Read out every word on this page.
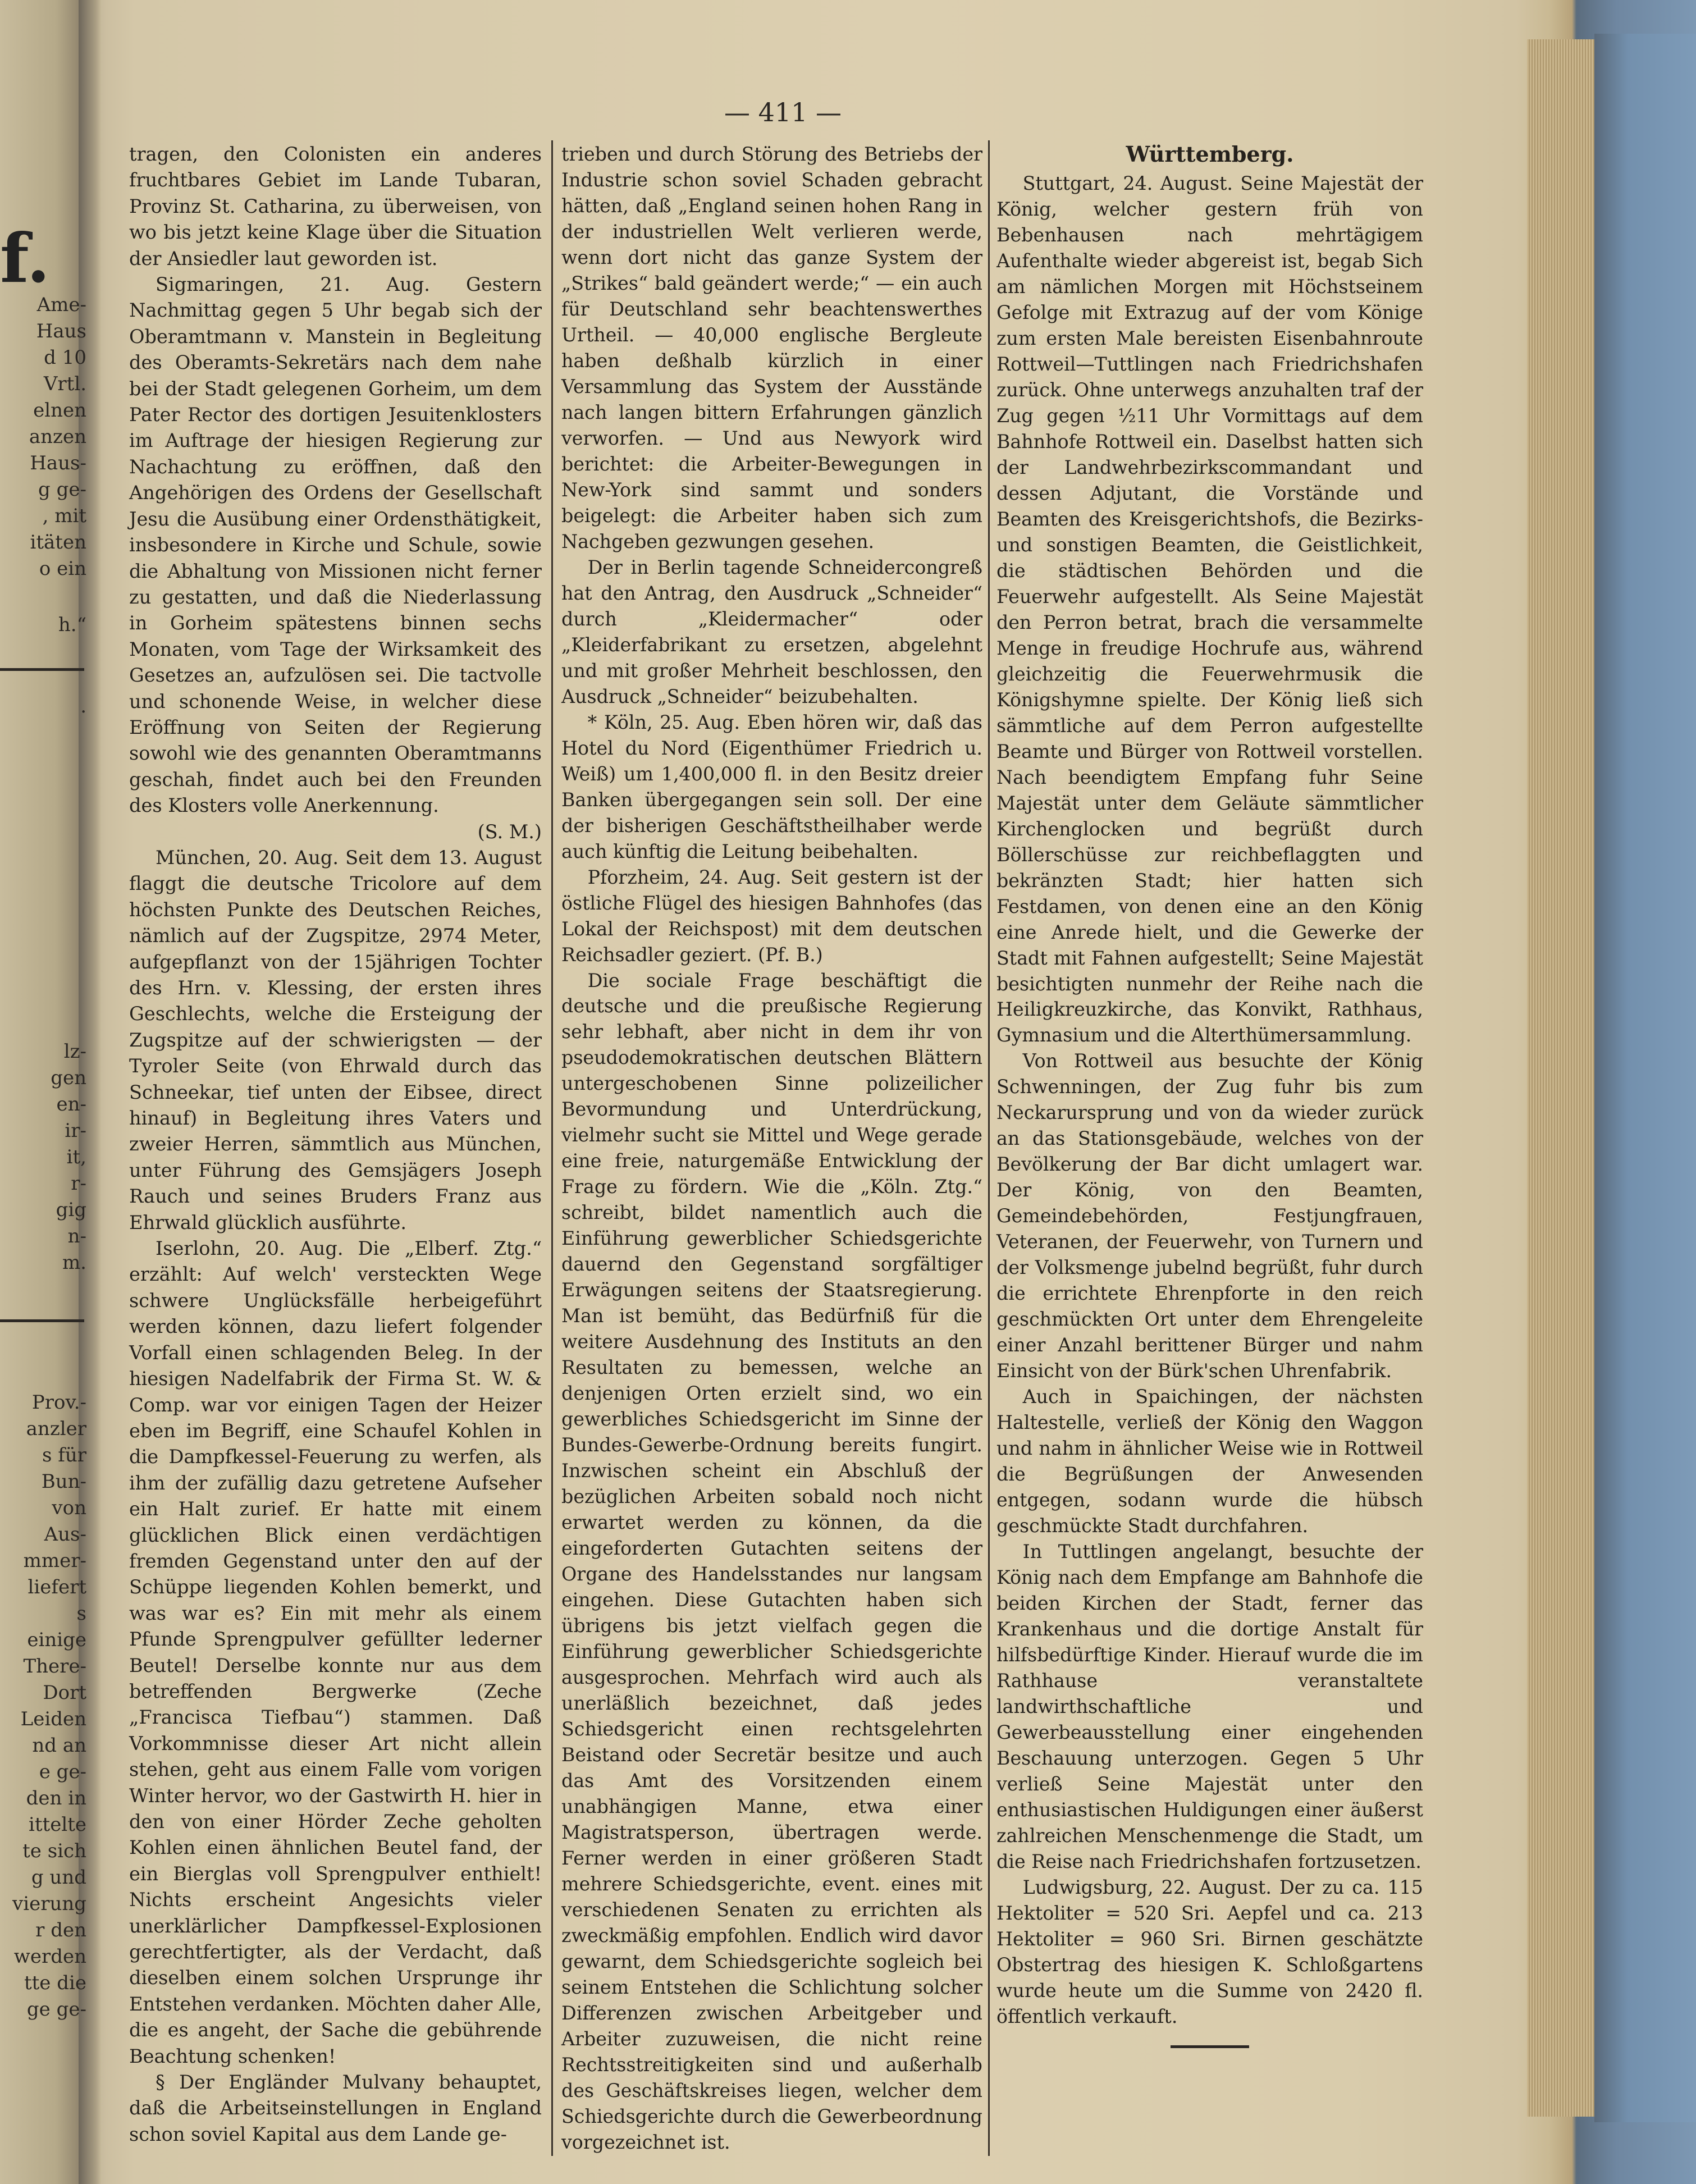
f.
Ame-
Haus
d 10
Vrtl.
elnen
anzen
Haus-
g ge-
, mit
itäten
o ein
h.“
.
lz-
gen
en-
ir-
it,
r-
gig
n-
m.
Prov.-
anzler
s für
Bun-
von
Aus-
mmer-
liefert
s
einige
There-
Dort
Leiden
nd an
e ge-
den in
ittelte
te sich
g und
vierung
r den
werden
tte die
ge ge-
— 411 —

tragen, den Colonisten ein anderes fruchtbares Gebiet im Lande Tubaran, Provinz St. Catharina, zu überweisen, von wo bis jetzt keine Klage über die Situation der Ansiedler laut geworden ist.

Sigmaringen, 21. Aug. Gestern Nachmittag gegen 5 Uhr begab sich der Oberamtmann v. Manstein in Begleitung des Oberamts-Sekretärs nach dem nahe bei der Stadt gelegenen Gorheim, um dem Pater Rector des dortigen Jesuitenklosters im Auftrage der hiesigen Regierung zur Nachachtung zu eröffnen, daß den Angehörigen des Ordens der Gesellschaft Jesu die Ausübung einer Ordensthätigkeit, insbesondere in Kirche und Schule, sowie die Abhaltung von Missionen nicht ferner zu gestatten, und daß die Niederlassung in Gorheim spätestens binnen sechs Monaten, vom Tage der Wirksamkeit des Gesetzes an, aufzulösen sei. Die tactvolle und schonende Weise, in welcher diese Eröffnung von Seiten der Regierung sowohl wie des genannten Oberamtmanns geschah, findet auch bei den Freunden des Klosters volle Anerkennung.

(S. M.)

München, 20. Aug. Seit dem 13. August flaggt die deutsche Tricolore auf dem höchsten Punkte des Deutschen Reiches, nämlich auf der Zugspitze, 2974 Meter, aufgepflanzt von der 15jährigen Tochter des Hrn. v. Klessing, der ersten ihres Geschlechts, welche die Ersteigung der Zugspitze auf der schwierigsten — der Tyroler Seite (von Ehrwald durch das Schneekar, tief unten der Eibsee, direct hinauf) in Begleitung ihres Vaters und zweier Herren, sämmtlich aus München, unter Führung des Gemsjägers Joseph Rauch und seines Bruders Franz aus Ehrwald glücklich ausführte.

Iserlohn, 20. Aug. Die „Elberf. Ztg.“ erzählt: Auf welch' versteckten Wege schwere Unglücksfälle herbeigeführt werden können, dazu liefert folgender Vorfall einen schlagenden Beleg. In der hiesigen Nadelfabrik der Firma St. W. & Comp. war vor einigen Tagen der Heizer eben im Begriff, eine Schaufel Kohlen in die Dampfkessel-Feuerung zu werfen, als ihm der zufällig dazu getretene Aufseher ein Halt zurief. Er hatte mit einem glücklichen Blick einen verdächtigen fremden Gegenstand unter den auf der Schüppe liegenden Kohlen bemerkt, und was war es? Ein mit mehr als einem Pfunde Sprengpulver gefüllter lederner Beutel! Derselbe konnte nur aus dem betreffenden Bergwerke (Zeche „Francisca Tiefbau“) stammen. Daß Vorkommnisse dieser Art nicht allein stehen, geht aus einem Falle vom vorigen Winter hervor, wo der Gastwirth H. hier in den von einer Hörder Zeche geholten Kohlen einen ähnlichen Beutel fand, der ein Bierglas voll Sprengpulver enthielt! Nichts erscheint Angesichts vieler unerklärlicher Dampfkessel-Explosionen gerechtfertigter, als der Verdacht, daß dieselben einem solchen Ursprunge ihr Entstehen verdanken. Möchten daher Alle, die es angeht, der Sache die gebührende Beachtung schenken!

§ Der Engländer Mulvany behauptet, daß die Arbeitseinstellungen in England schon soviel Kapital aus dem Lande ge-

trieben und durch Störung des Betriebs der Industrie schon soviel Schaden gebracht hätten, daß „England seinen hohen Rang in der industriellen Welt verlieren werde, wenn dort nicht das ganze System der „Strikes“ bald geändert werde;“ — ein auch für Deutschland sehr beachtenswerthes Urtheil. — 40,000 englische Bergleute haben deßhalb kürzlich in einer Versammlung das System der Ausstände nach langen bittern Erfahrungen gänzlich verworfen. — Und aus Newyork wird berichtet: die Arbeiter-Bewegungen in New-York sind sammt und sonders beigelegt: die Arbeiter haben sich zum Nachgeben gezwungen gesehen.

Der in Berlin tagende Schneidercongreß hat den Antrag, den Ausdruck „Schneider“ durch „Kleidermacher“ oder „Kleiderfabrikant zu ersetzen, abgelehnt und mit großer Mehrheit beschlossen, den Ausdruck „Schneider“ beizubehalten.

* Köln, 25. Aug. Eben hören wir, daß das Hotel du Nord (Eigenthümer Friedrich u. Weiß) um 1,400,000 fl. in den Besitz dreier Banken übergegangen sein soll. Der eine der bisherigen Geschäftstheilhaber werde auch künftig die Leitung beibehalten.

Pforzheim, 24. Aug. Seit gestern ist der östliche Flügel des hiesigen Bahnhofes (das Lokal der Reichspost) mit dem deutschen Reichsadler geziert. (Pf. B.)

Die sociale Frage beschäftigt die deutsche und die preußische Regierung sehr lebhaft, aber nicht in dem ihr von pseudodemokratischen deutschen Blättern untergeschobenen Sinne polizeilicher Bevormundung und Unterdrückung, vielmehr sucht sie Mittel und Wege gerade eine freie, naturgemäße Entwicklung der Frage zu fördern. Wie die „Köln. Ztg.“ schreibt, bildet namentlich auch die Einführung gewerblicher Schiedsgerichte dauernd den Gegenstand sorgfältiger Erwägungen seitens der Staatsregierung. Man ist bemüht, das Bedürfniß für die weitere Ausdehnung des Instituts an den Resultaten zu bemessen, welche an denjenigen Orten erzielt sind, wo ein gewerbliches Schiedsgericht im Sinne der Bundes-Gewerbe-Ordnung bereits fungirt. Inzwischen scheint ein Abschluß der bezüglichen Arbeiten sobald noch nicht erwartet werden zu können, da die eingeforderten Gutachten seitens der Organe des Handelsstandes nur langsam eingehen. Diese Gutachten haben sich übrigens bis jetzt vielfach gegen die Einführung gewerblicher Schiedsgerichte ausgesprochen. Mehrfach wird auch als unerläßlich bezeichnet, daß jedes Schiedsgericht einen rechtsgelehrten Beistand oder Secretär besitze und auch das Amt des Vorsitzenden einem unabhängigen Manne, etwa einer Magistratsperson, übertragen werde. Ferner werden in einer größeren Stadt mehrere Schiedsgerichte, event. eines mit verschiedenen Senaten zu errichten als zweckmäßig empfohlen. Endlich wird davor gewarnt, dem Schiedsgerichte sogleich bei seinem Entstehen die Schlichtung solcher Differenzen zwischen Arbeitgeber und Arbeiter zuzuweisen, die nicht reine Rechtsstreitigkeiten sind und außerhalb des Geschäftskreises liegen, welcher dem Schiedsgerichte durch die Gewerbeordnung vorgezeichnet ist.

Württemberg.

Stuttgart, 24. August. Seine Majestät der König, welcher gestern früh von Bebenhausen nach mehrtägigem Aufenthalte wieder abgereist ist, begab Sich am nämlichen Morgen mit Höchstseinem Gefolge mit Extrazug auf der vom Könige zum ersten Male bereisten Eisenbahnroute Rottweil—Tuttlingen nach Friedrichshafen zurück. Ohne unterwegs anzuhalten traf der Zug gegen ½11 Uhr Vormittags auf dem Bahnhofe Rottweil ein. Daselbst hatten sich der Landwehrbezirkscommandant und dessen Adjutant, die Vorstände und Beamten des Kreisgerichtshofs, die Bezirks- und sonstigen Beamten, die Geistlichkeit, die städtischen Behörden und die Feuerwehr aufgestellt. Als Seine Majestät den Perron betrat, brach die versammelte Menge in freudige Hochrufe aus, während gleichzeitig die Feuerwehrmusik die Königshymne spielte. Der König ließ sich sämmtliche auf dem Perron aufgestellte Beamte und Bürger von Rottweil vorstellen. Nach beendigtem Empfang fuhr Seine Majestät unter dem Geläute sämmtlicher Kirchenglocken und begrüßt durch Böllerschüsse zur reichbeflaggten und bekränzten Stadt; hier hatten sich Festdamen, von denen eine an den König eine Anrede hielt, und die Gewerke der Stadt mit Fahnen aufgestellt; Seine Majestät besichtigten nunmehr der Reihe nach die Heiligkreuzkirche, das Konvikt, Rathhaus, Gymnasium und die Alterthümersammlung.

Von Rottweil aus besuchte der König Schwenningen, der Zug fuhr bis zum Neckarursprung und von da wieder zurück an das Stationsgebäude, welches von der Bevölkerung der Bar dicht umlagert war. Der König, von den Beamten, Gemeindebehörden, Festjungfrauen, Veteranen, der Feuerwehr, von Turnern und der Volksmenge jubelnd begrüßt, fuhr durch die errichtete Ehrenpforte in den reich geschmückten Ort unter dem Ehrengeleite einer Anzahl berittener Bürger und nahm Einsicht von der Bürk'schen Uhrenfabrik.

Auch in Spaichingen, der nächsten Haltestelle, verließ der König den Waggon und nahm in ähnlicher Weise wie in Rottweil die Begrüßungen der Anwesenden entgegen, sodann wurde die hübsch geschmückte Stadt durchfahren.

In Tuttlingen angelangt, besuchte der König nach dem Empfange am Bahnhofe die beiden Kirchen der Stadt, ferner das Krankenhaus und die dortige Anstalt für hilfsbedürftige Kinder. Hierauf wurde die im Rathhause veranstaltete landwirthschaftliche und Gewerbeausstellung einer eingehenden Beschauung unterzogen. Gegen 5 Uhr verließ Seine Majestät unter den enthusiastischen Huldigungen einer äußerst zahlreichen Menschenmenge die Stadt, um die Reise nach Friedrichshafen fortzusetzen.

Ludwigsburg, 22. August. Der zu ca. 115 Hektoliter = 520 Sri. Aepfel und ca. 213 Hektoliter = 960 Sri. Birnen geschätzte Obstertrag des hiesigen K. Schloßgartens wurde heute um die Summe von 2420 fl. öffentlich verkauft.
